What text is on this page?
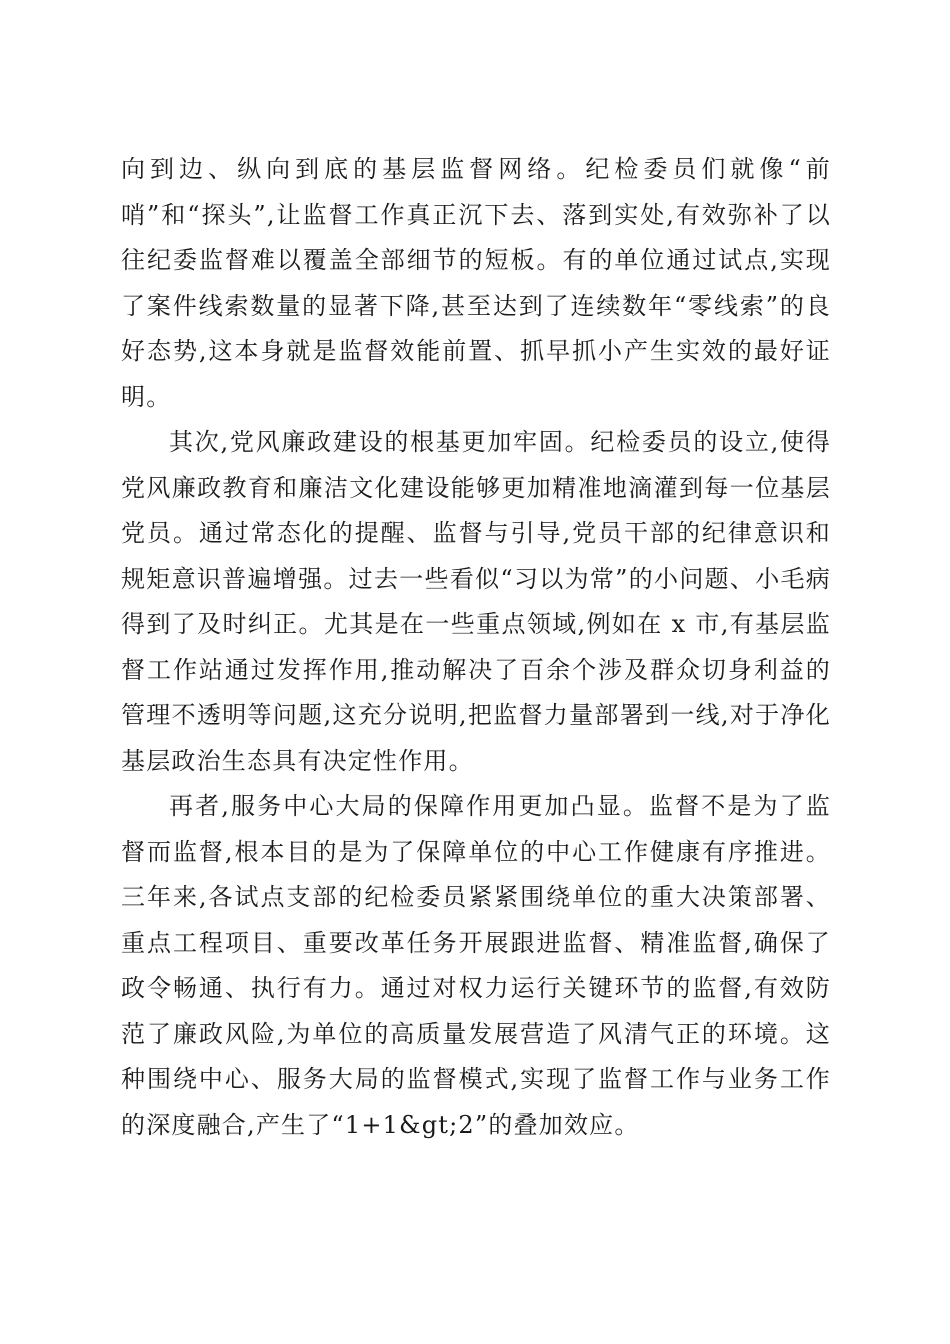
向到边、纵向到底的基层监督网络。纪检委员们就像“前哨”和“探头”,让监督工作真正沉下去、落到实处,有效弥补了以往纪委监督难以覆盖全部细节的短板。有的单位通过试点,实现了案件线索数量的显著下降,甚至达到了连续数年“零线索”的良好态势,这本身就是监督效能前置、抓早抓小产生实效的最好证明。

其次,党风廉政建设的根基更加牢固。纪检委员的设立,使得党风廉政教育和廉洁文化建设能够更加精准地滴灌到每一位基层党员。通过常态化的提醒、监督与引导,党员干部的纪律意识和规矩意识普遍增强。过去一些看似“习以为常”的小问题、小毛病得到了及时纠正。尤其是在一些重点领域,例如在 x 市,有基层监督工作站通过发挥作用,推动解决了百余个涉及群众切身利益的管理不透明等问题,这充分说明,把监督力量部署到一线,对于净化基层政治生态具有决定性作用。

再者,服务中心大局的保障作用更加凸显。监督不是为了监督而监督,根本目的是为了保障单位的中心工作健康有序推进。三年来,各试点支部的纪检委员紧紧围绕单位的重大决策部署、重点工程项目、重要改革任务开展跟进监督、精准监督,确保了政令畅通、执行有力。通过对权力运行关键环节的监督,有效防范了廉政风险,为单位的高质量发展营造了风清气正的环境。这种围绕中心、服务大局的监督模式,实现了监督工作与业务工作的深度融合,产生了“1+1&gt;2”的叠加效应。
